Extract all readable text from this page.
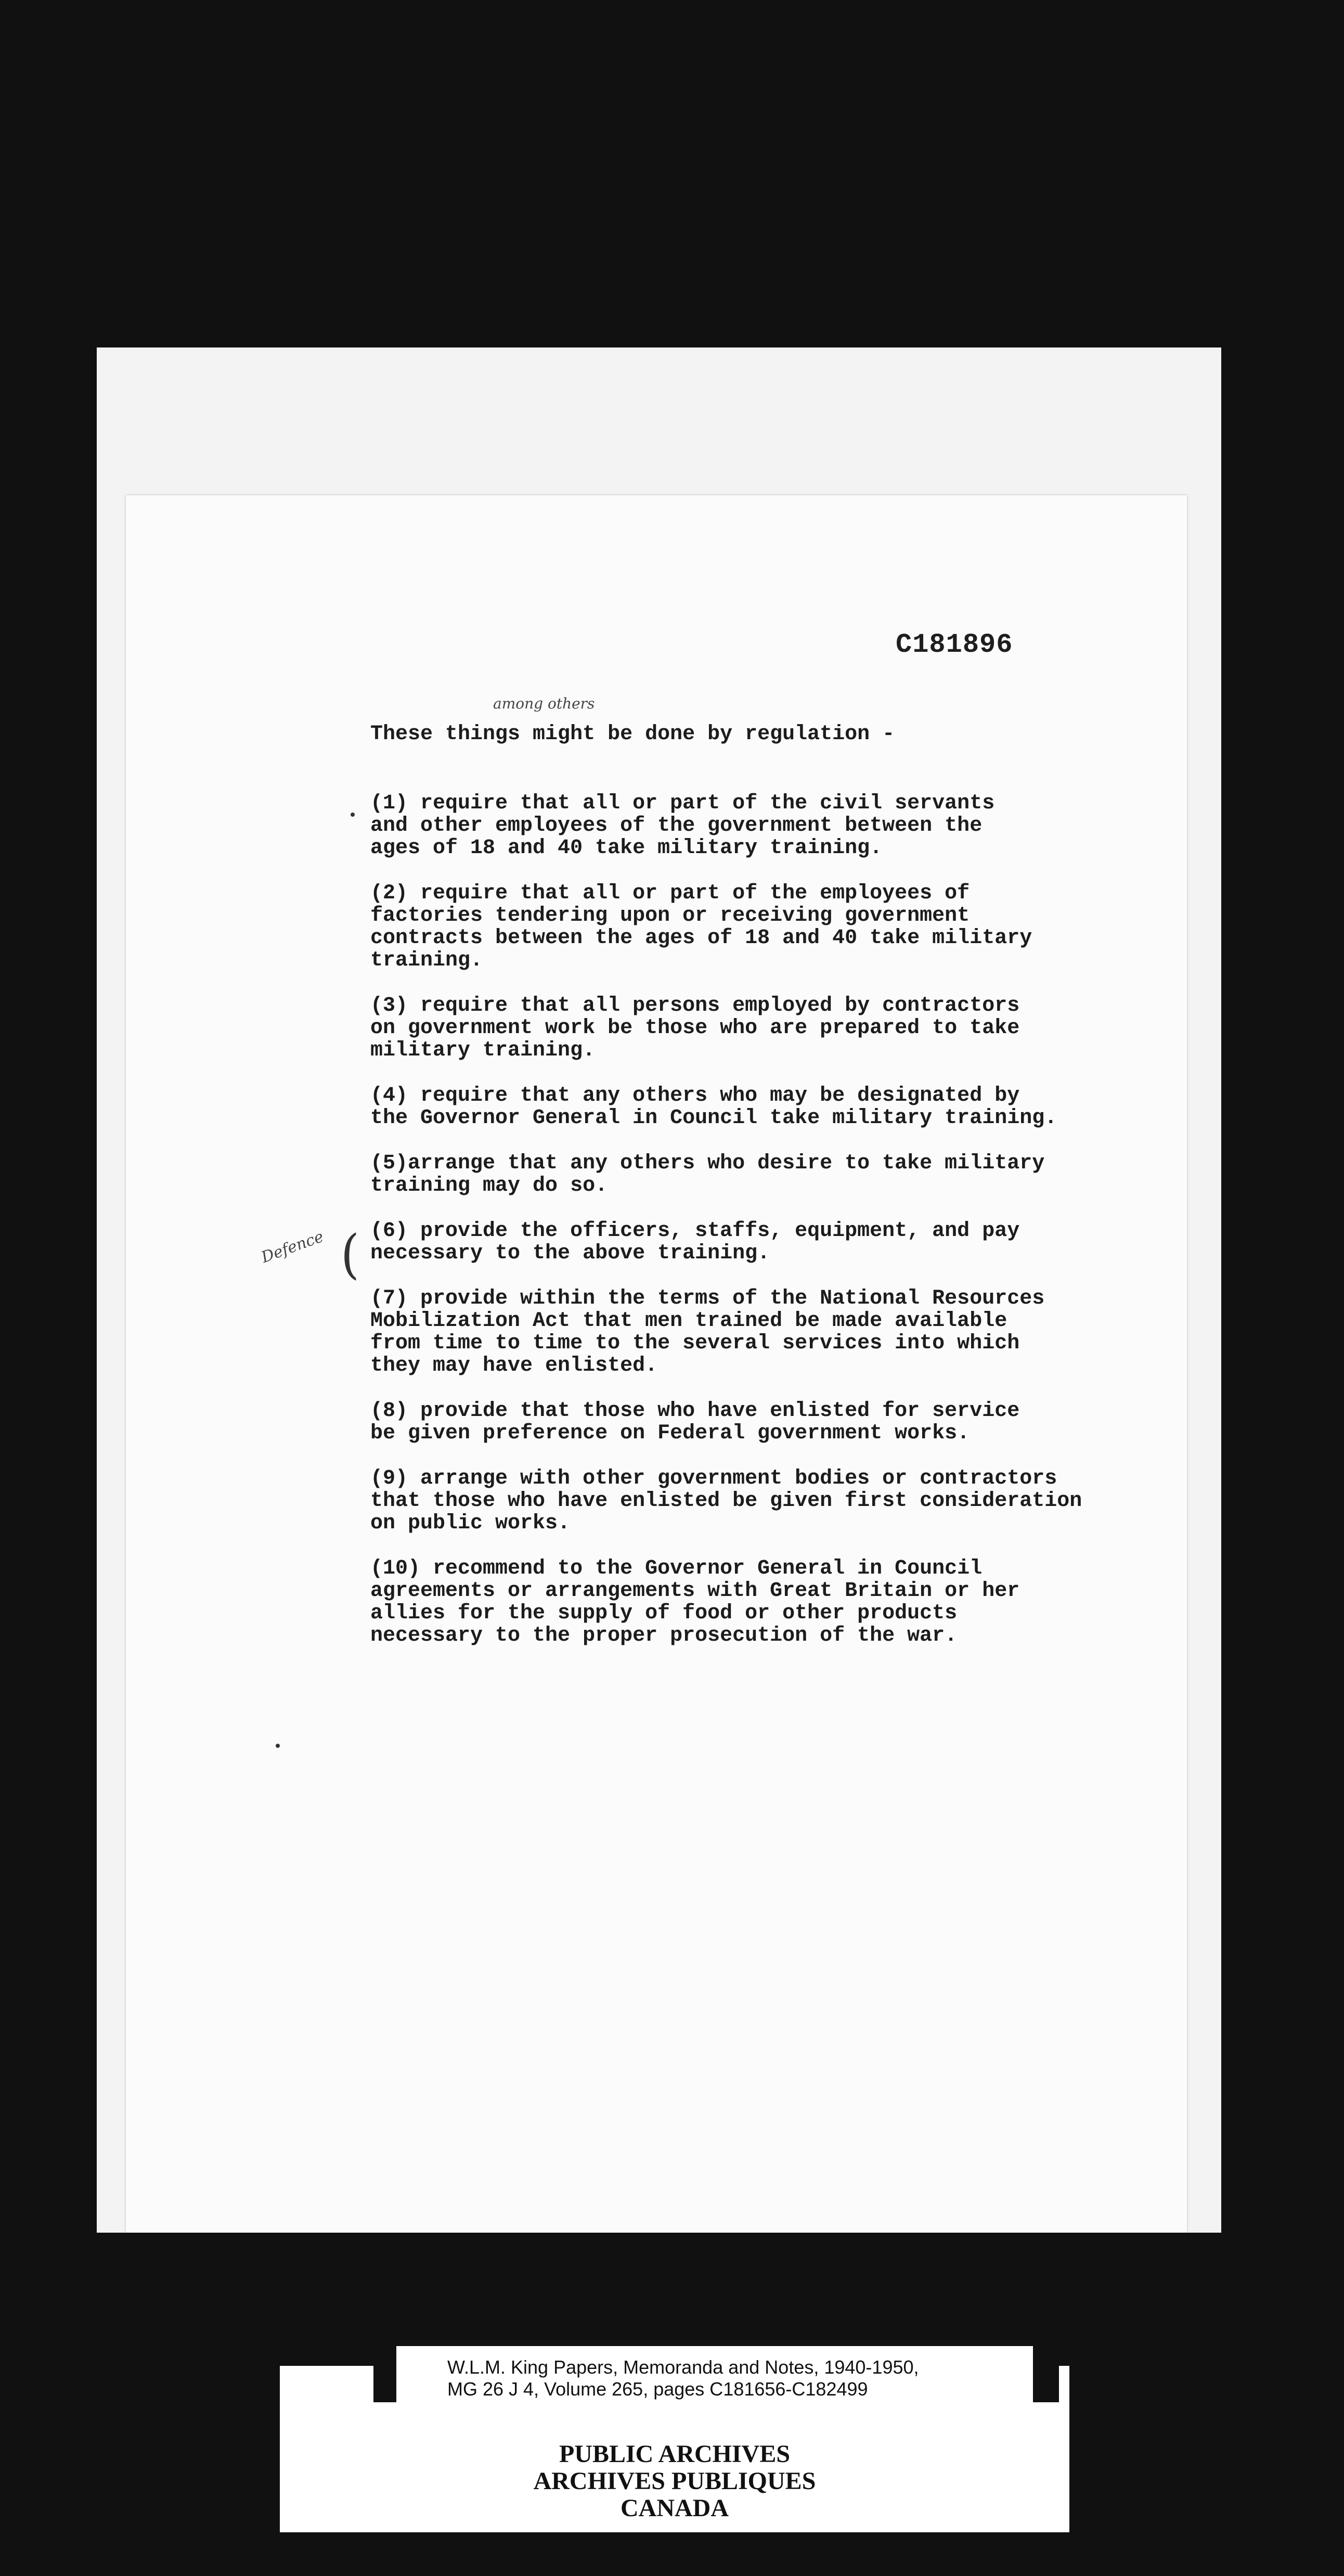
C181896
among others
Defence (
These things might be done by regulation -
(1) require that all or part of the civil servants
and other employees of the government between the
ages of 18 and 40 take military training.
(2) require that all or part of the employees of
factories tendering upon or receiving government
contracts between the ages of 18 and 40 take military
training.
(3) require that all persons employed by contractors
on government work be those who are prepared to take
military training.
(4) require that any others who may be designated by
the Governor General in Council take military training.
(5)arrange that any others who desire to take military
training may do so.
(6) provide the officers, staffs, equipment, and pay
necessary to the above training.
(7) provide within the terms of the National Resources
Mobilization Act that men trained be made available
from time to time to the several services into which
they may have enlisted.
(8) provide that those who have enlisted for service
be given preference on Federal government works.
(9) arrange with other government bodies or contractors
that those who have enlisted be given first consideration
on public works.
(10) recommend to the Governor General in Council
agreements or arrangements with Great Britain or her
allies for the supply of food or other products
necessary to the proper prosecution of the war.
W.L.M. King Papers, Memoranda and Notes, 1940-1950,
MG 26 J 4, Volume 265, pages C181656-C182499
PUBLIC ARCHIVES
ARCHIVES PUBLIQUES
CANADA
